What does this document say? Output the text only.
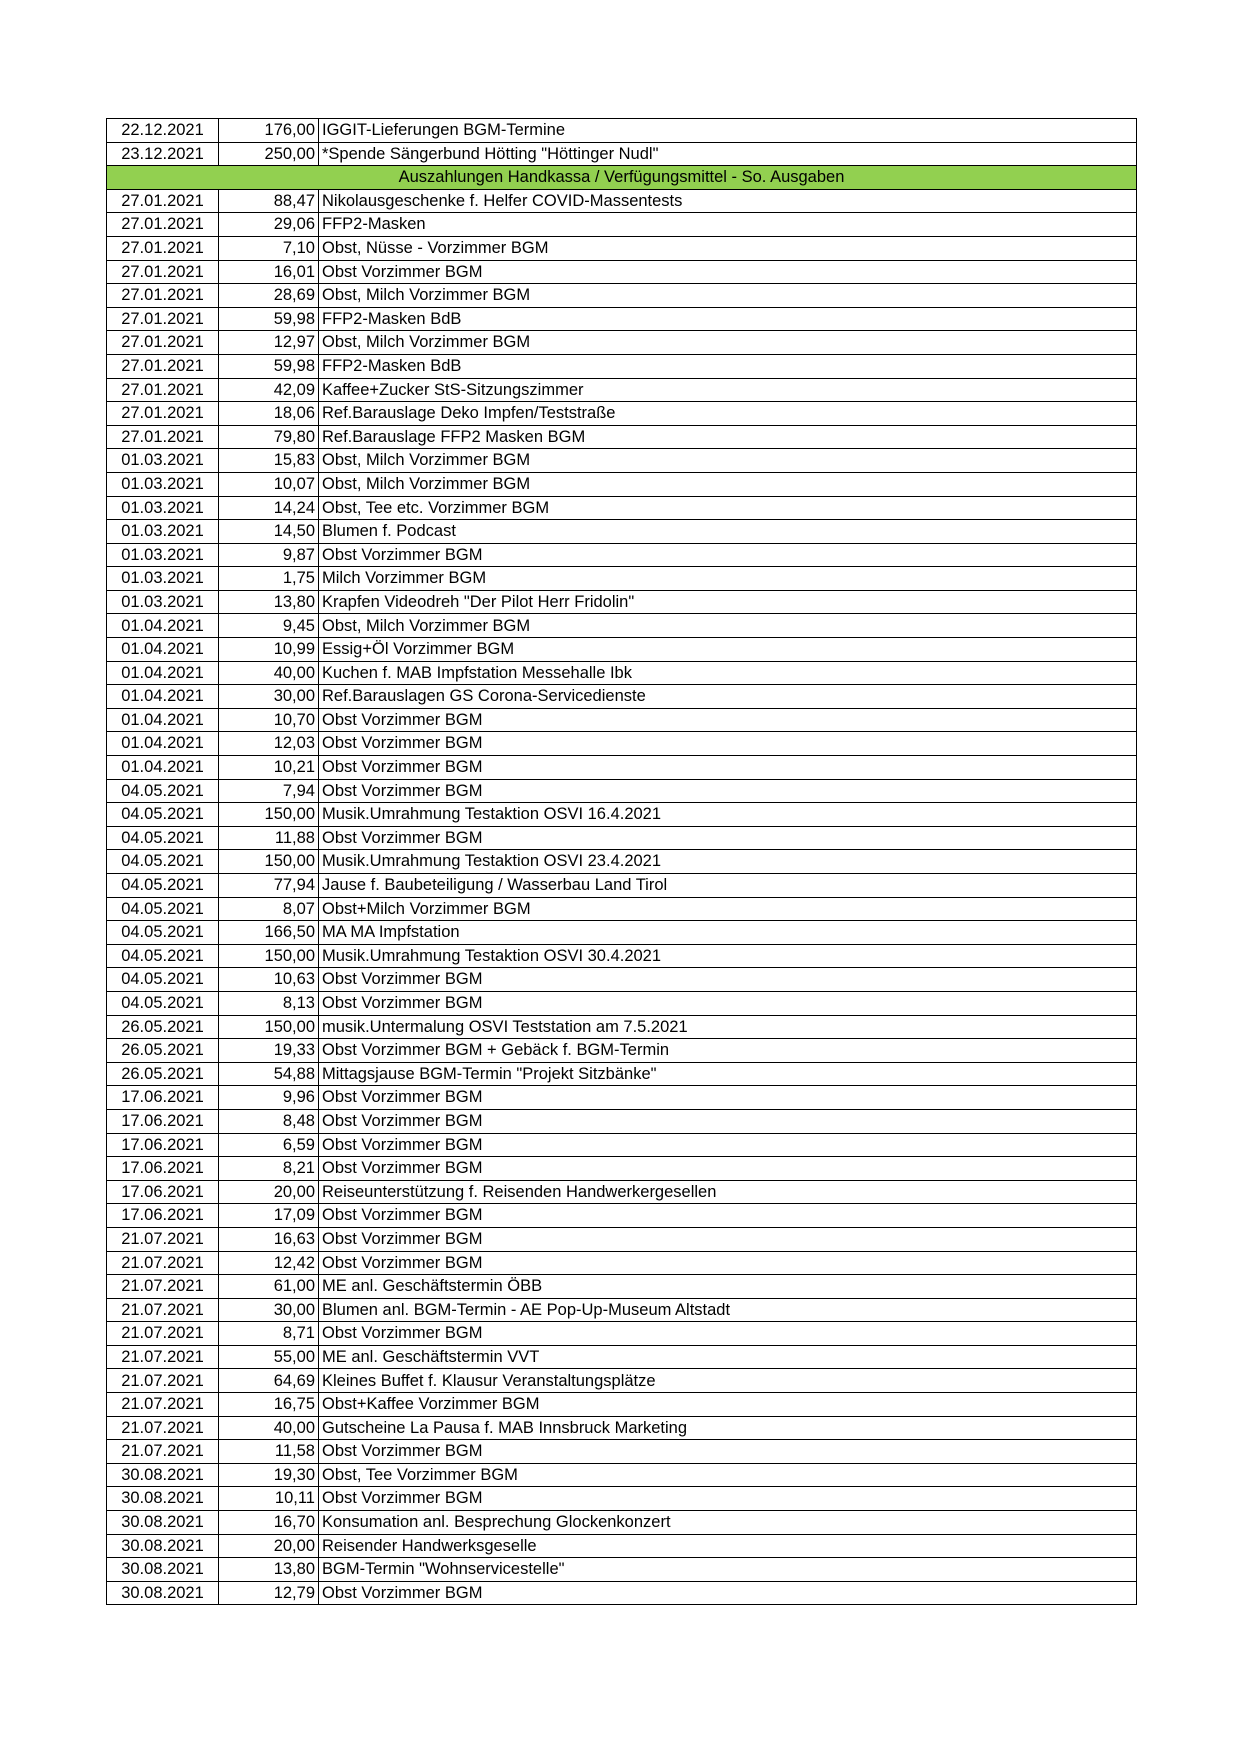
22.12.2021	176,00	IGGIT-Lieferungen BGM-Termine
23.12.2021	250,00	*Spende Sängerbund Hötting "Höttinger Nudl"
Auszahlungen Handkassa / Verfügungsmittel - So. Ausgaben		
27.01.2021	88,47	Nikolausgeschenke f. Helfer COVID-Massentests
27.01.2021	29,06	FFP2-Masken
27.01.2021	7,10	Obst, Nüsse - Vorzimmer BGM
27.01.2021	16,01	Obst Vorzimmer BGM
27.01.2021	28,69	Obst, Milch Vorzimmer BGM
27.01.2021	59,98	FFP2-Masken BdB
27.01.2021	12,97	Obst, Milch Vorzimmer BGM
27.01.2021	59,98	FFP2-Masken BdB
27.01.2021	42,09	Kaffee+Zucker StS-Sitzungszimmer
27.01.2021	18,06	Ref.Barauslage Deko Impfen/Teststraße
27.01.2021	79,80	Ref.Barauslage FFP2 Masken BGM
01.03.2021	15,83	Obst, Milch Vorzimmer BGM
01.03.2021	10,07	Obst, Milch Vorzimmer BGM
01.03.2021	14,24	Obst, Tee etc. Vorzimmer BGM
01.03.2021	14,50	Blumen f. Podcast
01.03.2021	9,87	Obst Vorzimmer BGM
01.03.2021	1,75	Milch Vorzimmer BGM
01.03.2021	13,80	Krapfen Videodreh "Der Pilot Herr Fridolin"
01.04.2021	9,45	Obst, Milch Vorzimmer BGM
01.04.2021	10,99	Essig+Öl Vorzimmer BGM
01.04.2021	40,00	Kuchen f. MAB Impfstation Messehalle Ibk
01.04.2021	30,00	Ref.Barauslagen GS Corona-Servicedienste
01.04.2021	10,70	Obst Vorzimmer BGM
01.04.2021	12,03	Obst Vorzimmer BGM
01.04.2021	10,21	Obst Vorzimmer BGM
04.05.2021	7,94	Obst Vorzimmer BGM
04.05.2021	150,00	Musik.Umrahmung Testaktion OSVI 16.4.2021
04.05.2021	11,88	Obst Vorzimmer BGM
04.05.2021	150,00	Musik.Umrahmung Testaktion OSVI 23.4.2021
04.05.2021	77,94	Jause f. Baubeteiligung / Wasserbau Land Tirol
04.05.2021	8,07	Obst+Milch Vorzimmer BGM
04.05.2021	166,50	MA MA Impfstation
04.05.2021	150,00	Musik.Umrahmung Testaktion OSVI 30.4.2021
04.05.2021	10,63	Obst Vorzimmer BGM
04.05.2021	8,13	Obst Vorzimmer BGM
26.05.2021	150,00	musik.Untermalung OSVI Teststation am 7.5.2021
26.05.2021	19,33	Obst Vorzimmer BGM + Gebäck f. BGM-Termin
26.05.2021	54,88	Mittagsjause BGM-Termin "Projekt Sitzbänke"
17.06.2021	9,96	Obst Vorzimmer BGM
17.06.2021	8,48	Obst Vorzimmer BGM
17.06.2021	6,59	Obst Vorzimmer BGM
17.06.2021	8,21	Obst Vorzimmer BGM
17.06.2021	20,00	Reiseunterstützung f. Reisenden Handwerkergesellen
17.06.2021	17,09	Obst Vorzimmer BGM
21.07.2021	16,63	Obst Vorzimmer BGM
21.07.2021	12,42	Obst Vorzimmer BGM
21.07.2021	61,00	ME anl. Geschäftstermin ÖBB
21.07.2021	30,00	Blumen anl. BGM-Termin - AE Pop-Up-Museum Altstadt
21.07.2021	8,71	Obst Vorzimmer BGM
21.07.2021	55,00	ME anl. Geschäftstermin VVT
21.07.2021	64,69	Kleines Buffet f. Klausur Veranstaltungsplätze
21.07.2021	16,75	Obst+Kaffee Vorzimmer BGM
21.07.2021	40,00	Gutscheine La Pausa f. MAB Innsbruck Marketing
21.07.2021	11,58	Obst Vorzimmer BGM
30.08.2021	19,30	Obst, Tee Vorzimmer BGM
30.08.2021	10,11	Obst Vorzimmer BGM
30.08.2021	16,70	Konsumation anl. Besprechung Glockenkonzert
30.08.2021	20,00	Reisender Handwerksgeselle
30.08.2021	13,80	BGM-Termin "Wohnservicestelle"
30.08.2021	12,79	Obst Vorzimmer BGM
